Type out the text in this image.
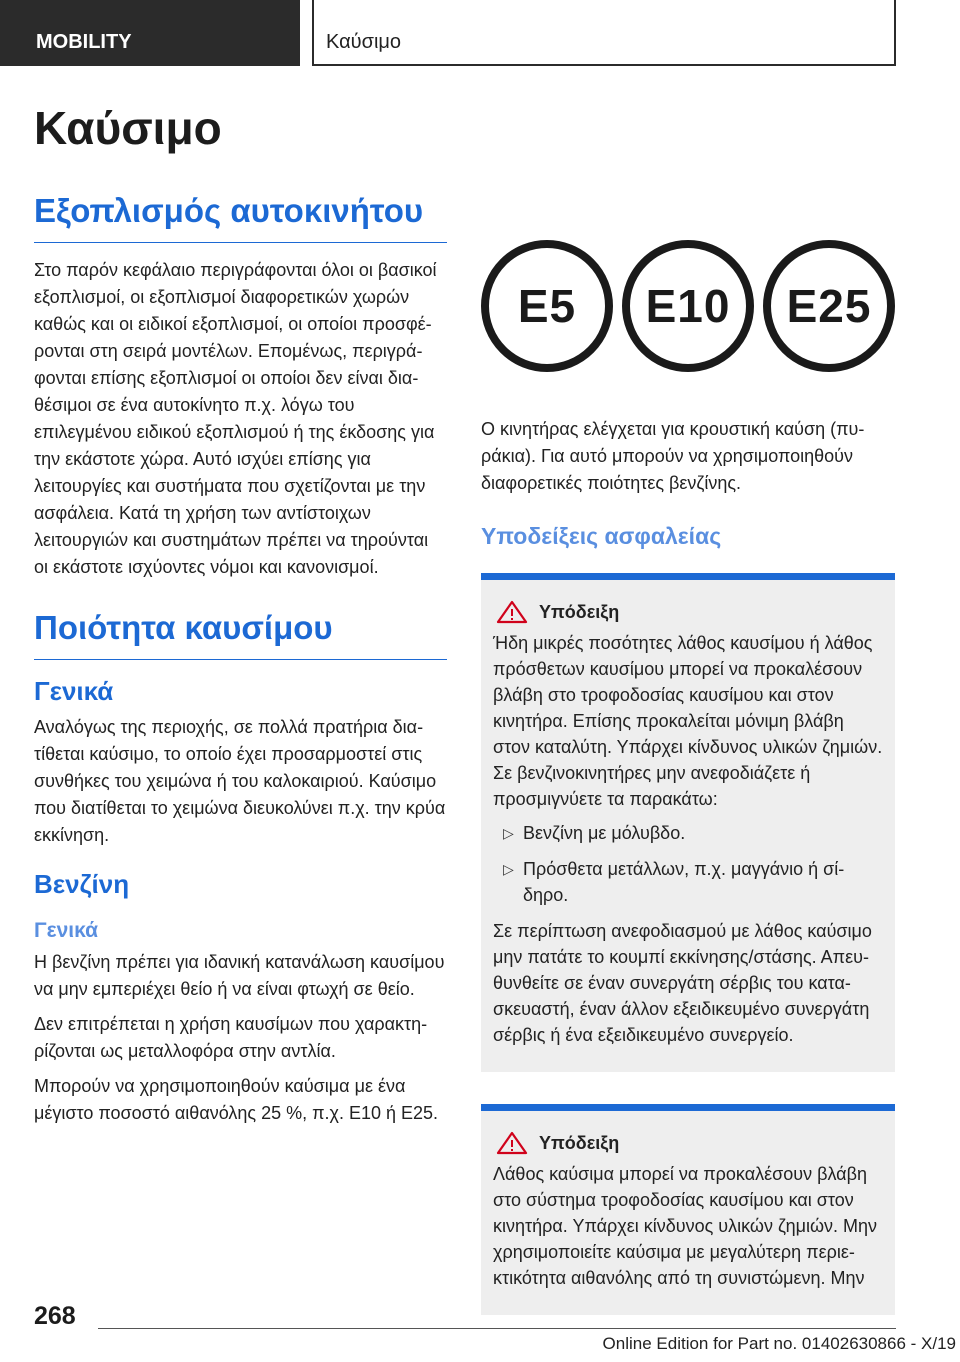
MOBILITY	Καύσιμο
Καύσιμο
Εξοπλισμός αυτοκινήτου

Στο παρόν κεφάλαιο περιγράφονται όλοι οι βασικοί εξοπλισμοί, οι εξοπλισμοί διαφορετικών χωρών καθώς και οι ειδικοί εξοπλισμοί, οι οποίοι προσφέρονται στη σειρά μοντέλων. Επομένως, περιγράφονται επίσης εξοπλισμοί οι οποίοι δεν είναι διαθέσιμοι σε ένα αυτοκίνητο π.χ. λόγω του επιλεγμένου ειδικού εξοπλισμού ή της έκδοσης για την εκάστοτε χώρα. Αυτό ισχύει επίσης για λειτουργίες και συστήματα που σχετίζονται με την ασφάλεια. Κατά τη χρήση των αντίστοιχων λειτουργιών και συστημάτων πρέπει να τηρούνται οι εκάστοτε ισχύοντες νόμοι και κανονισμοί.

Ποιότητα καυσίμου
Γενικά

Αναλόγως της περιοχής, σε πολλά πρατήρια διατίθεται καύσιμο, το οποίο έχει προσαρμοστεί στις συνθήκες του χειμώνα ή του καλοκαιριού. Καύσιμο που διατίθεται το χειμώνα διευκολύνει π.χ. την κρύα εκκίνηση.

Βενζίνη
Γενικά

Η βενζίνη πρέπει για ιδανική κατανάλωση καυσίμου να μην εμπεριέχει θείο ή να είναι φτωχή σε θείο.

Δεν επιτρέπεται η χρήση καυσίμων που χαρακτηρίζονται ως μεταλλοφόρα στην αντλία.

Μπορούν να χρησιμοποιηθούν καύσιμα με ένα μέγιστο ποσοστό αιθανόλης 25 %, π.χ. E10 ή E25.

E5	E10	E25

Ο κινητήρας ελέγχεται για κρουστική καύση (πυράκια). Για αυτό μπορούν να χρησιμοποιηθούν διαφορετικές ποιότητες βενζίνης.

Υποδείξεις ασφαλείας
Υπόδειξη

Ήδη μικρές ποσότητες λάθος καυσίμου ή λάθος πρόσθετων καυσίμου μπορεί να προκαλέσουν βλάβη στο τροφοδοσίας καυσίμου και στον κινητήρα. Επίσης προκαλείται μόνιμη βλάβη στον καταλύτη. Υπάρχει κίνδυνος υλικών ζημιών. Σε βενζινοκινητήρες μην ανεφοδιάζετε ή προσμιγνύετε τα παρακάτω:

▷ Βενζίνη με μόλυβδο.
▷ Πρόσθετα μετάλλων, π.χ. μαγγάνιο ή σίδηρο.

Σε περίπτωση ανεφοδιασμού με λάθος καύσιμο μην πατάτε το κουμπί εκκίνησης/στάσης. Απευθυνθείτε σε έναν συνεργάτη σέρβις του κατασκευαστή, έναν άλλον εξειδικευμένο συνεργάτη σέρβις ή ένα εξειδικευμένο συνεργείο.

Υπόδειξη

Λάθος καύσιμα μπορεί να προκαλέσουν βλάβη στο σύστημα τροφοδοσίας καυσίμου και στον κινητήρα. Υπάρχει κίνδυνος υλικών ζημιών. Μην χρησιμοποιείτε καύσιμα με μεγαλύτερη περιεκτικότητα αιθανόλης από τη συνιστώμενη. Μην

268
Online Edition for Part no. 01402630866 - X/19
